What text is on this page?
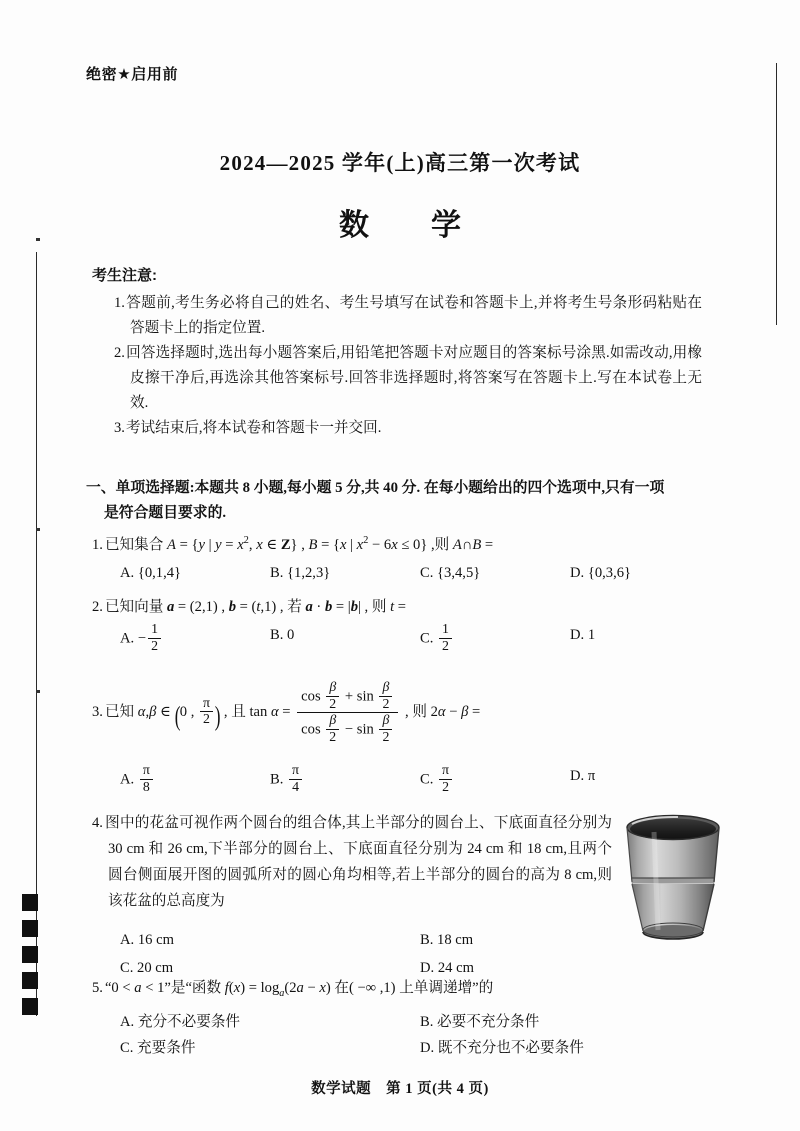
绝密★启用前
2024—2025 学年(上)高三第一次考试
数　学
考生注意:
1.答题前,考生务必将自己的姓名、考生号填写在试卷和答题卡上,并将考生号条形码粘贴在答题卡上的指定位置.
2.回答选择题时,选出每小题答案后,用铅笔把答题卡对应题目的答案标号涂黑.如需改动,用橡皮擦干净后,再选涂其他答案标号.回答非选择题时,将答案写在答题卡上.写在本试卷上无效.
3.考试结束后,将本试卷和答题卡一并交回.
一、单项选择题:本题共 8 小题,每小题 5 分,共 40 分. 在每小题给出的四个选项中,只有一项
是符合题目要求的.
1. 已知集合 A = {y | $y = x^2$, x ∈ Z} , B = {x | $x^2 - 6x \le 0$} ,则 A∩B =
A. {0,1,4}	B. {1,2,3}	C. {3,4,5}	D. {0,3,6}
2. 已知向量 a = (2,1) , b = (t,1) , 若 a · b = |b| , 则 t =
A. − $\frac{1}{2}$	B. 0	C. $\frac{1}{2}$	D. 1
3. 已知 α,β ∈ (0 , $\frac{\pi}{2}$ ) , 且 $\tan \alpha = \frac{\cos \frac{\beta}{2} + \sin \frac{\beta}{2}}{\cos \frac{\beta}{2} - \sin \frac{\beta}{2}}$ , 则 2α − β =
A. $\frac{\pi}{8}$	B. $\frac{\pi}{4}$	C. $\frac{\pi}{2}$	D. π
4. 图中的花盆可视作两个圆台的组合体,其上半部分的圆台上、下底面直径分别为 30 cm 和 26 cm,下半部分的圆台上、下底面直径分别为 24 cm 和 18 cm,且两个圆台侧面展开图的圆弧所对的圆心角均相等,若上半部分的圆台的高为 8 cm,则该花盆的总高度为
A. 16 cm	B. 18 cm
C. 20 cm	D. 24 cm
5. “0 < a < 1”是“函数 $f(x) = \log_a(2a - x)$ 在( −∞ ,1) 上单调递增”的
A. 充分不必要条件	B. 必要不充分条件
C. 充要条件	D. 既不充分也不必要条件
数学试题　第 1 页(共 4 页)
